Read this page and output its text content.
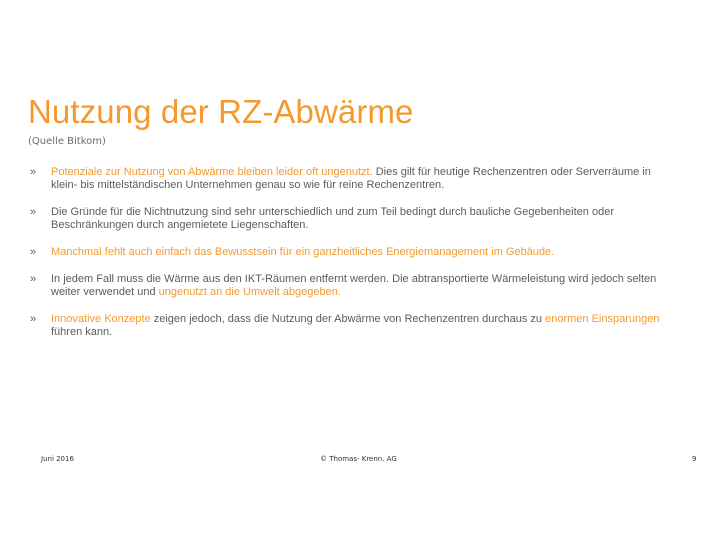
Nutzung der RZ-Abwärme
(Quelle Bitkom)
» Potenziale zur Nutzung von Abwärme bleiben leider oft ungenutzt. Dies gilt für heutige Rechenzentren oder Serverräume in klein- bis mittelständischen Unternehmen genau so wie für reine Rechenzentren.
» Die Gründe für die Nichtnutzung sind sehr unterschiedlich und zum Teil bedingt durch bauliche Gegebenheiten oder Beschränkungen durch angemietete Liegenschaften.
» Manchmal fehlt auch einfach das Bewusstsein für ein ganzheitliches Energiemanagement im Gebäude.
» In jedem Fall muss die Wärme aus den IKT-Räumen entfernt werden. Die abtransportierte Wärmeleistung wird jedoch selten weiter verwendet und ungenutzt an die Umwelt abgegeben.
» Innovative Konzepte zeigen jedoch, dass die Nutzung der Abwärme von Rechenzentren durchaus zu enormen Einsparungen führen kann.
Juni 2016	© Thomas- Krenn. AG	9
